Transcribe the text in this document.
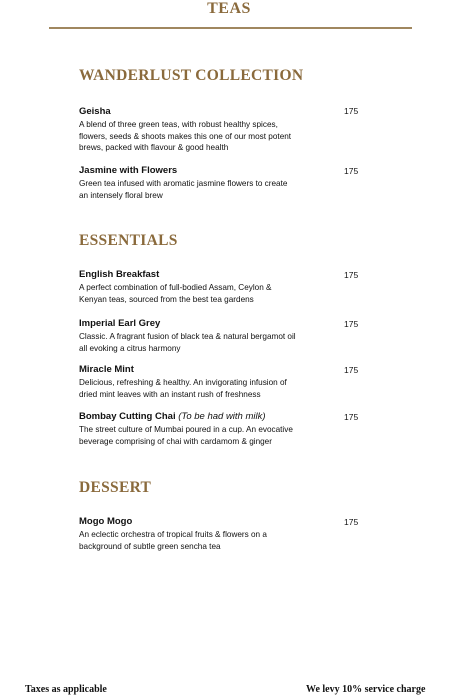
TEAS
WANDERLUST COLLECTION
Geisha
A blend of three green teas, with robust healthy spices,
flowers, seeds & shoots makes this one of our most potent
brews, packed with flavour & good health
175
Jasmine with Flowers
Green tea infused with aromatic jasmine flowers to create
an intensely floral brew
175
ESSENTIALS
English Breakfast
A perfect combination of full-bodied Assam, Ceylon &
Kenyan teas, sourced from the best tea gardens
175
Imperial Earl Grey
Classic. A fragrant fusion of black tea & natural bergamot oil
all evoking a citrus harmony
175
Miracle Mint
Delicious, refreshing & healthy. An invigorating infusion of
dried mint leaves with an instant rush of freshness
175
Bombay Cutting Chai (To be had with milk)
The street culture of Mumbai poured in a cup. An evocative
beverage comprising of chai with cardamom & ginger
175
DESSERT
Mogo Mogo
An eclectic orchestra of tropical fruits & flowers on a
background of subtle green sencha tea
175
Taxes as applicable	We levy 10% service charge
